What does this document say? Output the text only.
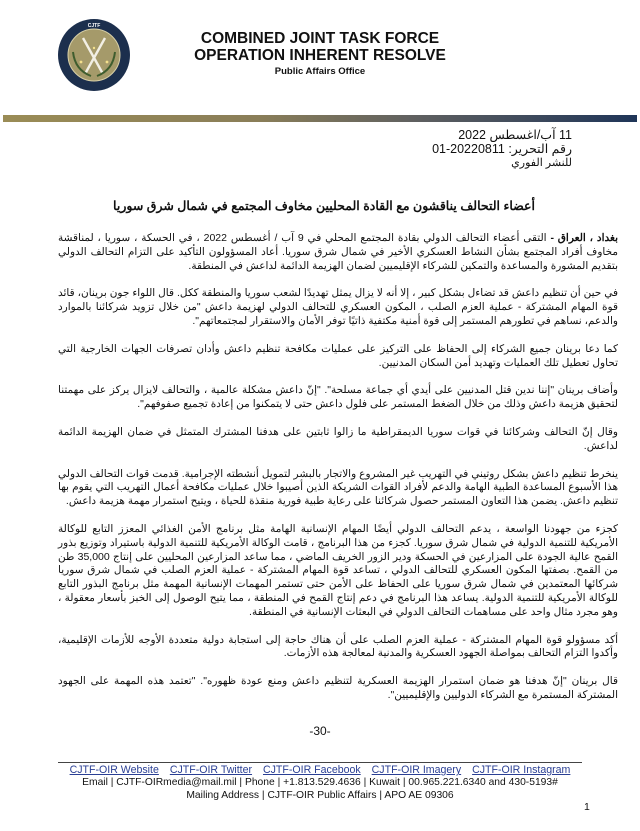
CJTF
COMBINED JOINT TASK FORCE
OPERATION INHERENT RESOLVE
Public Affairs Office
11 آب/اغسطس 2022
رقم التحرير: 20220811-01
للنشر الفوري
أعضاء التحالف يناقشون مع القادة المحليين مخاوف المجتمع في شمال شرق سوريا

بغداد ، العراق - التقى أعضاء التحالف الدولي بقادة المجتمع المحلي في 9 آب / أغسطس 2022 ، في الحسكة ، سوريا ، لمناقشة مخاوف أفراد المجتمع بشأن النشاط العسكري الأخير في شمال شرق سوريا. أعاد المسؤولون التأكيد على التزام التحالف الدولي بتقديم المشورة والمساعدة والتمكين للشركاء الإقليميين لضمان الهزيمة الدائمة لداعش في المنطقة.

في حين أن تنظيم داعش قد تضاءل بشكل كبير ، إلا أنه لا يزال يمثل تهديدًا لشعب سوريا والمنطقة ككل. قال اللواء جون برينان، قائد قوة المهام المشتركة - عملية العزم الصلب ، المكون العسكري للتحالف الدولي لهزيمة داعش "من خلال تزويد شركائنا بالموارد والدعم، نساهم في تطورهم المستمر إلى قوة أمنية مكتفية ذاتيًا توفر الأمان والاستقرار لمجتمعاتهم".

كما دعا برينان جميع الشركاء إلى الحفاظ على التركيز على عمليات مكافحة تنظيم داعش وأدان تصرفات الجهات الخارجية التي تحاول تعطيل تلك العمليات وتهديد أمن السكان المدنيين.

وأضاف برينان "إننا ندين قتل المدنيين على أيدي أي جماعة مسلحة". "إنّ داعش مشكلة عالمية ، والتحالف لايزال يركز على مهمتنا لتحقيق هزيمة داعش وذلك من خلال الضغط المستمر على فلول داعش حتى لا يتمكنوا من إعادة تجميع صفوفهم".

وقال إنّ التحالف وشركائنا في قوات سوريا الديمقراطية ما زالوا ثابتين على هدفنا المشترك المتمثل في ضمان الهزيمة الدائمة لداعش.

ينخرط تنظيم داعش بشكل روتيني في التهريب غير المشروع والاتجار بالبشر لتمويل أنشطته الإجرامية. قدمت قوات التحالف الدولي هذا الأسبوع المساعدة الطبية الهامة والدعم لأفراد القوات الشريكة الذين أصيبوا خلال عمليات مكافحة أعمال التهريب التي يقوم بها تنظيم داعش. يضمن هذا التعاون المستمر حصول شركائنا على رعاية طبية فورية منقذة للحياة ، ويتيح استمرار مهمة هزيمة داعش.

كجزء من جهودنا الواسعة ، يدعم التحالف الدولي أيضًا المهام الإنسانية الهامة مثل برنامج الأمن الغذائي المعزز التابع للوكالة الأمريكية للتنمية الدولية في شمال شرق سوريا. كجزء من هذا البرنامج ، قامت الوكالة الأمريكية للتنمية الدولية باستيراد وتوزيع بذور القمح عالية الجودة على المزارعين في الحسكة ودير الزور الخريف الماضي ، مما ساعد المزارعين المحليين على إنتاج 35,000 طن من القمح. بصفتها المكون العسكري للتحالف الدولي ، تساعد قوة المهام المشتركة - عملية العزم الصلب في شمال شرق سوريا شركائها المعتمدين في شمال شرق سوريا على الحفاظ على الأمن حتى تستمر المهمات الإنسانية المهمة مثل برنامج البذور التابع للوكالة الأمريكية للتنمية الدولية. يساعد هذا البرنامج في دعم إنتاج القمح في المنطقة ، مما يتيح الوصول إلى الخبز بأسعار معقولة ، وهو مجرد مثال واحد على مساهمات التحالف الدولي في البعثات الإنسانية في المنطقة.

أكد مسؤولو قوة المهام المشتركة - عملية العزم الصلب على أن هناك حاجة إلى استجابة دولية متعددة الأوجه للأزمات الإقليمية، وأكدوا التزام التحالف بمواصلة الجهود العسكرية والمدنية لمعالجة هذه الأزمات.

قال برينان "إنّ هدفنا هو ضمان استمرار الهزيمة العسكرية لتنظيم داعش ومنع عودة ظهوره". "تعتمد هذه المهمة على الجهود المشتركة المستمرة مع الشركاء الدوليين والإقليميين".

-30-
CJTF-OIR Website CJTF-OIR Twitter CJTF-OIR Facebook CJTF-OIR Imagery CJTF-OIR Instagram
Email | CJTF-OIRmedia@mail.mil | Phone | +1.813.529.4636 | Kuwait | 00.965.221.6340 and 430-5193#
Mailing Address | CJTF-OIR Public Affairs | APO AE 09306
1
